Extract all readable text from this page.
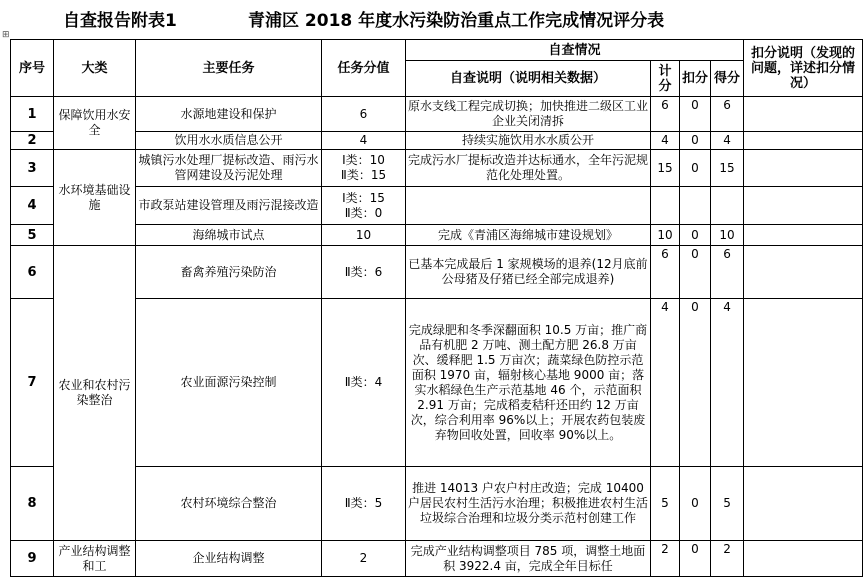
自查报告附表1	青浦区 2018 年度水污染防治重点工作完成情况评分表
⊞
序号	大类	主要任务	任务分值	自查情况				扣分说明（发现的问题，详述扣分情况）
				自查说明（说明相关数据）	计分	扣分	得分	
1	保障饮用水安全	水源地建设和保护	6	原水支线工程完成切换；加快推进二级区工业企业关闭清拆	6	0	6	
2		饮用水水质信息公开	4	持续实施饮用水水质公开	4	0	4	
3	水环境基础设施	城镇污水处理厂提标改造、雨污水管网建设及污泥处理	Ⅰ类：10
Ⅱ类：15	完成污水厂提标改造并达标通水，全年污泥规范化处理处置。	15	0	15	
4		市政泵站建设管理及雨污混接改造	Ⅰ类：15
Ⅱ类：0					
5		海绵城市试点	10	完成《青浦区海绵城市建设规划》	10	0	10	
6	农业和农村污染整治	畜禽养殖污染防治	Ⅱ类：6	已基本完成最后 1 家规模场的退养(12月底前公母猪及仔猪已经全部完成退养)	6	0	6	
7		农业面源污染控制	Ⅱ类：4	完成绿肥和冬季深翻面积 10.5 万亩；推广商品有机肥 2 万吨、测土配方肥 26.8 万亩次、缓释肥 1.5 万亩次；蔬菜绿色防控示范面积 1970 亩，辐射核心基地 9000 亩；落实水稻绿色生产示范基地 46 个，示范面积 2.91 万亩；完成稻麦秸秆还田约 12 万亩次，综合利用率 96%以上；开展农药包装废弃物回收处置，回收率 90%以上。	4	0	4	
8		农村环境综合整治	Ⅱ类：5	推进 14013 户农户村庄改造；完成 10400 户居民农村生活污水治理；积极推进农村生活垃圾综合治理和垃圾分类示范村创建工作	5	0	5	
9	产业结构调整和工	企业结构调整	2	完成产业结构调整项目 785 项，调整土地面积 3922.4 亩，完成全年目标任	2	0	2	
